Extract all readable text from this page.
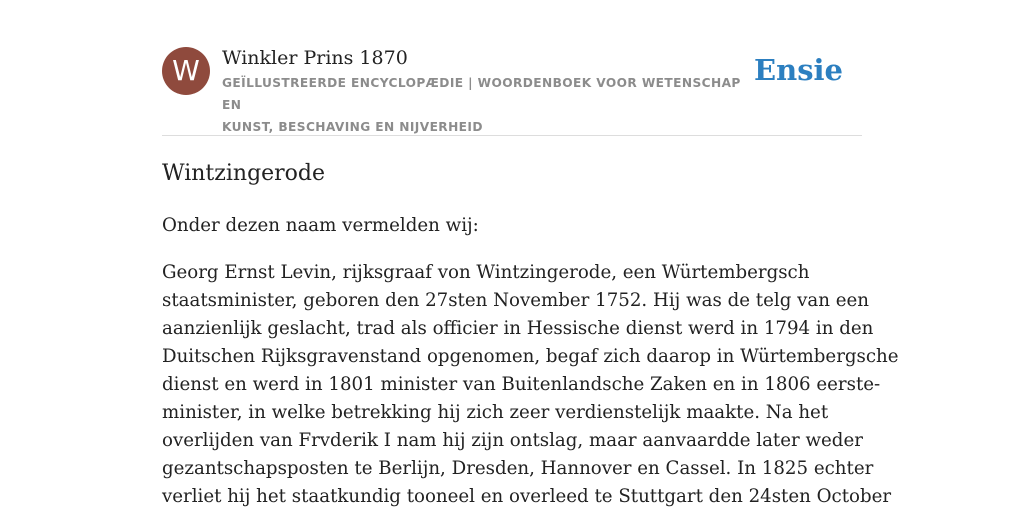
W	Winkler Prins 1870
GEÏLLUSTREERDE ENCYCLOPÆDIE | WOORDENBOEK VOOR WETENSCHAP EN
KUNST, BESCHAVING EN NIJVERHEID
Ensie
Wintzingerode
Onder dezen naam vermelden wij:
Georg Ernst Levin, rijksgraaf von Wintzingerode, een Würtembergsch
staatsminister, geboren den 27sten November 1752. Hij was de telg van een
aanzienlijk geslacht, trad als officier in Hessische dienst werd in 1794 in den
Duitschen Rijksgravenstand opgenomen, begaf zich daarop in Würtembergsche
dienst en werd in 1801 minister van Buitenlandsche Zaken en in 1806 eerste-
minister, in welke betrekking hij zich zeer verdienstelijk maakte. Na het
overlijden van Frvderik I nam hij zijn ontslag, maar aanvaardde later weder
gezantschapsposten te Berlijn, Dresden, Hannover en Cassel. In 1825 echter
verliet hij het staatkundig tooneel en overleed te Stuttgart den 24sten October
